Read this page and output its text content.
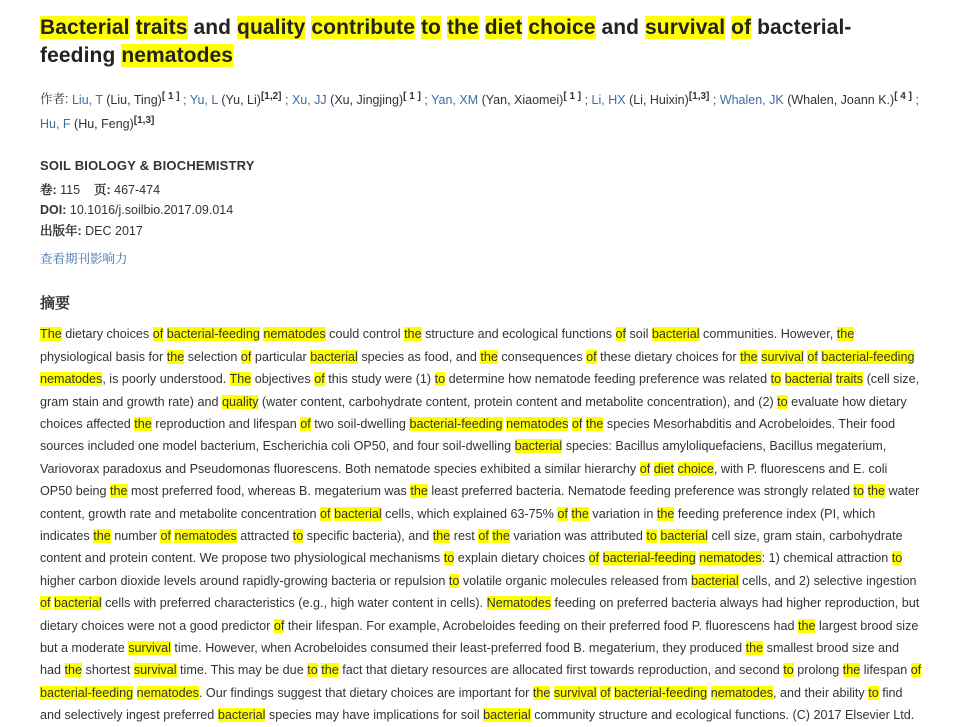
Bacterial traits and quality contribute to the diet choice and survival of bacterial-feeding nematodes
作者: Liu, T (Liu, Ting)[ 1 ] ; Yu, L (Yu, Li)[1,2] ; Xu, JJ (Xu, Jingjing)[ 1 ] ; Yan, XM (Yan, Xiaomei)[ 1 ] ; Li, HX (Li, Huixin)[1,3] ; Whalen, JK (Whalen, Joann K.)[ 4 ] ; Hu, F (Hu, Feng)[1,3]
SOIL BIOLOGY & BIOCHEMISTRY
卷: 115 页: 467-474
DOI: 10.1016/j.soilbio.2017.09.014
出版年: DEC 2017
查看期刊影响力
摘要
The dietary choices of bacterial-feeding nematodes could control the structure and ecological functions of soil bacterial communities. However, the physiological basis for the selection of particular bacterial species as food, and the consequences of these dietary choices for the survival of bacterial-feeding nematodes, is poorly understood. The objectives of this study were (1) to determine how nematode feeding preference was related to bacterial traits (cell size, gram stain and growth rate) and quality (water content, carbohydrate content, protein content and metabolite concentration), and (2) to evaluate how dietary choices affected the reproduction and lifespan of two soil-dwelling bacterial-feeding nematodes of the species Mesorhabditis and Acrobeloides. Their food sources included one model bacterium, Escherichia coli OP50, and four soil-dwelling bacterial species: Bacillus amyloliquefaciens, Bacillus megaterium, Variovorax paradoxus and Pseudomonas fluorescens. Both nematode species exhibited a similar hierarchy of diet choice, with P. fluorescens and E. coli OP50 being the most preferred food, whereas B. megaterium was the least preferred bacteria. Nematode feeding preference was strongly related to the water content, growth rate and metabolite concentration of bacterial cells, which explained 63-75% of the variation in the feeding preference index (PI, which indicates the number of nematodes attracted to specific bacteria), and the rest of the variation was attributed to bacterial cell size, gram stain, carbohydrate content and protein content. We propose two physiological mechanisms to explain dietary choices of bacterial-feeding nematodes: 1) chemical attraction to higher carbon dioxide levels around rapidly-growing bacteria or repulsion to volatile organic molecules released from bacterial cells, and 2) selective ingestion of bacterial cells with preferred characteristics (e.g., high water content in cells). Nematodes feeding on preferred bacteria always had higher reproduction, but dietary choices were not a good predictor of their lifespan. For example, Acrobeloides feeding on their preferred food P. fluorescens had the largest brood size but a moderate survival time. However, when Acrobeloides consumed their least-preferred food B. megaterium, they produced the smallest brood size and had the shortest survival time. This may be due to the fact that dietary resources are allocated first towards reproduction, and second to prolong the lifespan of bacterial-feeding nematodes. Our findings suggest that dietary choices are important for the survival of bacterial-feeding nematodes, and their ability to find and selectively ingest preferred bacterial species may have implications for soil bacterial community structure and ecological functions. (C) 2017 Elsevier Ltd.
